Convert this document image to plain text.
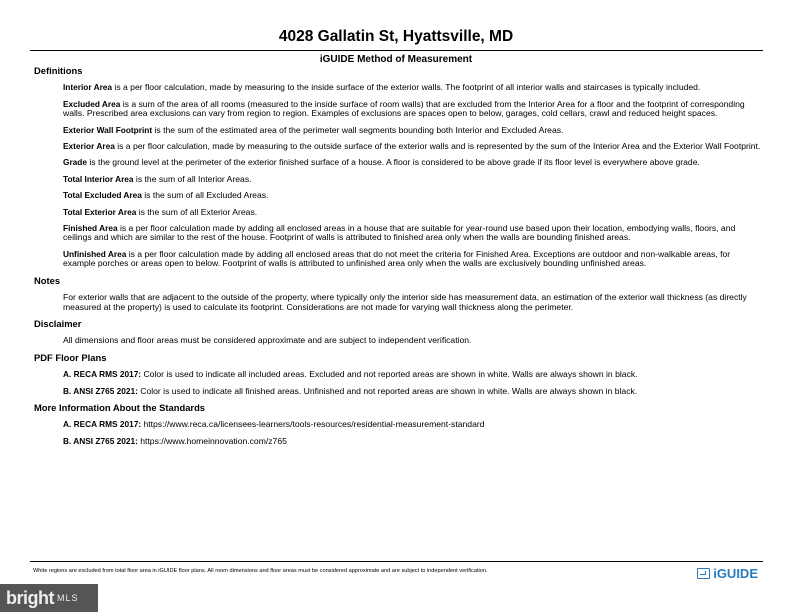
4028 Gallatin St, Hyattsville, MD
iGUIDE Method of Measurement
Definitions
Interior Area is a per floor calculation, made by measuring to the inside surface of the exterior walls. The footprint of all interior walls and staircases is typically included.
Excluded Area is a sum of the area of all rooms (measured to the inside surface of room walls) that are excluded from the Interior Area for a floor and the footprint of corresponding walls. Prescribed area exclusions can vary from region to region. Examples of exclusions are spaces open to below, garages, cold cellars, crawl and reduced height spaces.
Exterior Wall Footprint is the sum of the estimated area of the perimeter wall segments bounding both Interior and Excluded Areas.
Exterior Area is a per floor calculation, made by measuring to the outside surface of the exterior walls and is represented by the sum of the Interior Area and the Exterior Wall Footprint.
Grade is the ground level at the perimeter of the exterior finished surface of a house. A floor is considered to be above grade if its floor level is everywhere above grade.
Total Interior Area is the sum of all Interior Areas.
Total Excluded Area is the sum of all Excluded Areas.
Total Exterior Area is the sum of all Exterior Areas.
Finished Area is a per floor calculation made by adding all enclosed areas in a house that are suitable for year-round use based upon their location, embodying walls, floors, and ceilings and which are similar to the rest of the house. Footprint of walls is attributed to finished area only when the walls are bounding finished areas.
Unfinished Area is a per floor calculation made by adding all enclosed areas that do not meet the criteria for Finished Area. Exceptions are outdoor and non-walkable areas, for example porches or areas open to below. Footprint of walls is attributed to unfinished area only when the walls are exclusively bounding unfinished areas.
Notes
For exterior walls that are adjacent to the outside of the property, where typically only the interior side has measurement data, an estimation of the exterior wall thickness (as directly measured at the property) is used to calculate its footprint. Considerations are not made for varying wall thickness along the perimeter.
Disclaimer
All dimensions and floor areas must be considered approximate and are subject to independent verification.
PDF Floor Plans
A. RECA RMS 2017: Color is used to indicate all included areas. Excluded and not reported areas are shown in white. Walls are always shown in black.
B. ANSI Z765 2021: Color is used to indicate all finished areas. Unfinished and not reported areas are shown in white. Walls are always shown in black.
More Information About the Standards
A. RECA RMS 2017: https://www.reca.ca/licensees-learners/tools-resources/residential-measurement-standard
B. ANSI Z765 2021: https://www.homeinnovation.com/z765
White regions are excluded from total floor area in iGUIDE floor plans. All room dimensions and floor areas must be considered approximate and are subject to independent verification.	iGUIDE
bright MLS
